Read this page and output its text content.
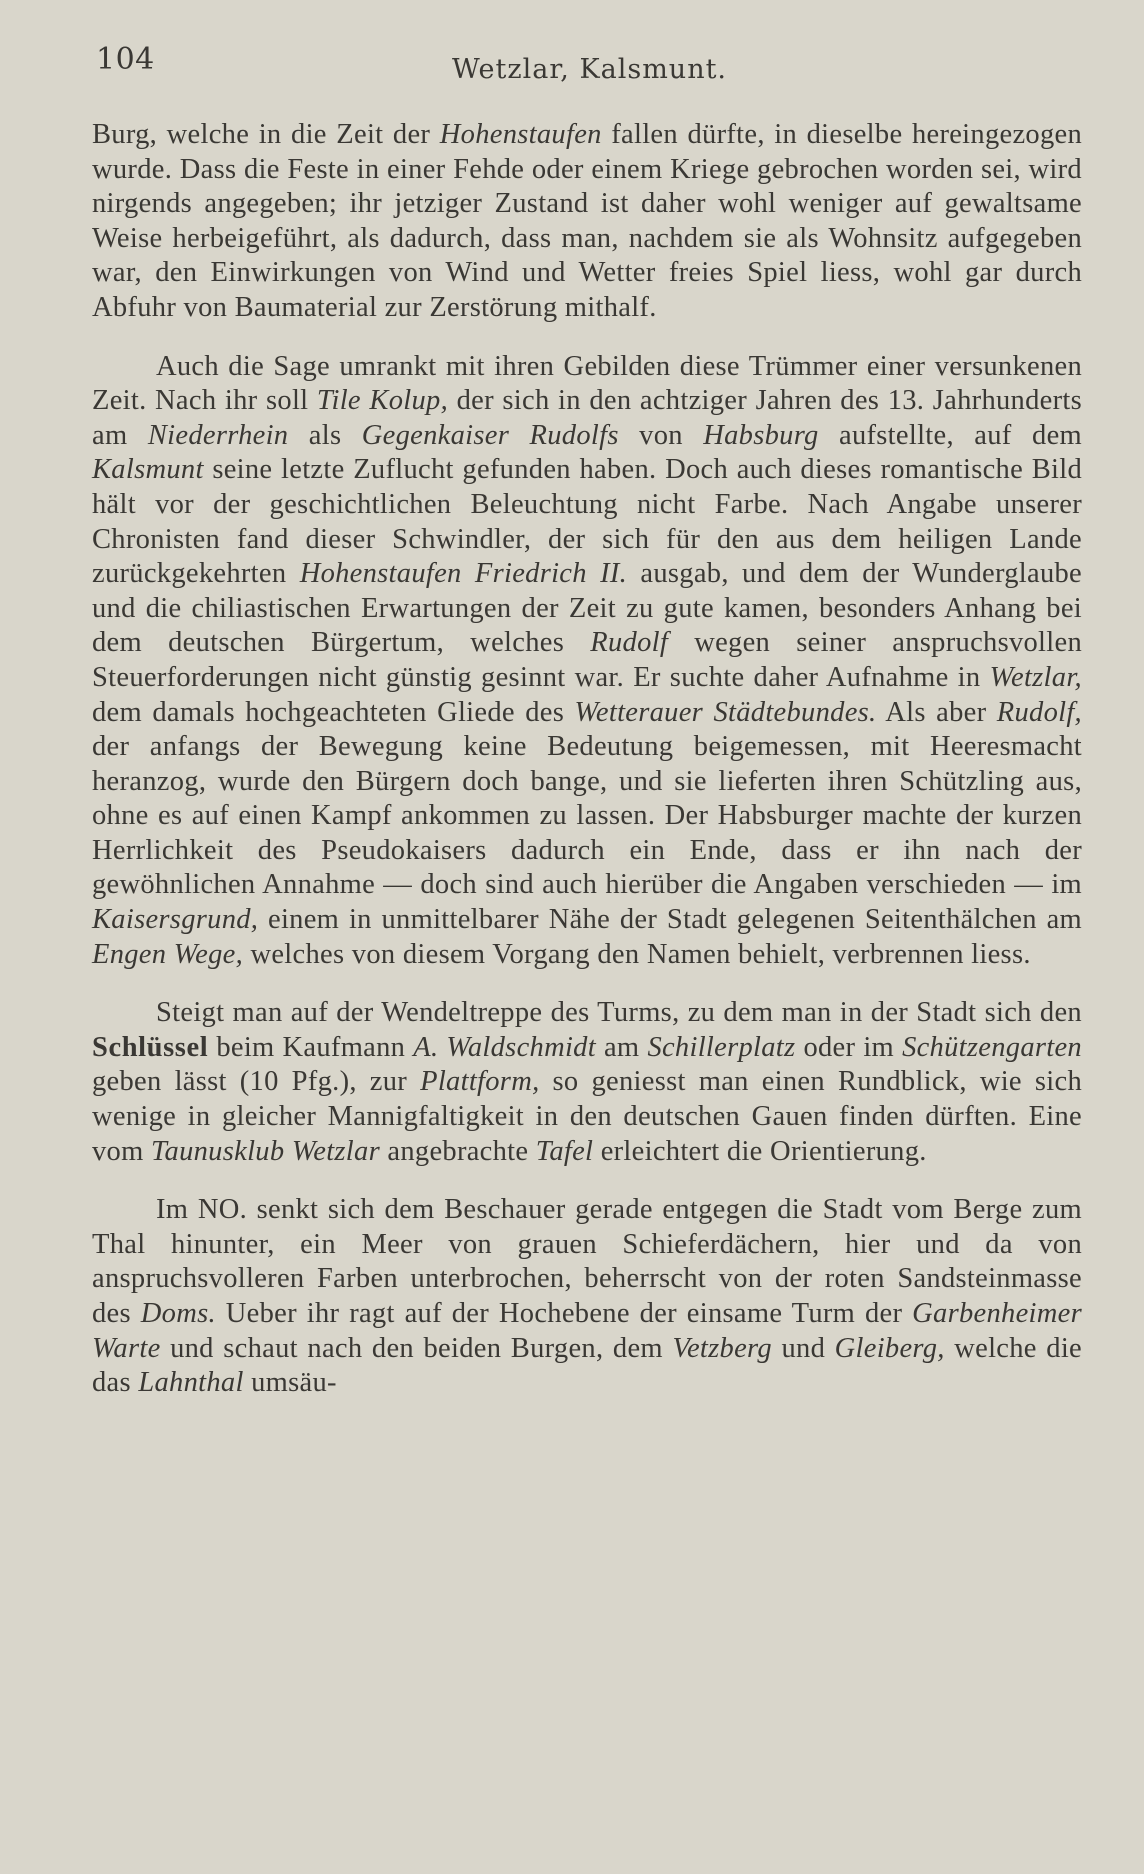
104	Wetzlar, Kalsmunt.

Burg, welche in die Zeit der Hohenstaufen fallen dürfte, in dieselbe hereingezogen wurde. Dass die Feste in einer Fehde oder einem Kriege gebrochen worden sei, wird nirgends angegeben; ihr jetziger Zustand ist daher wohl weniger auf gewaltsame Weise herbeigeführt, als dadurch, dass man, nachdem sie als Wohnsitz aufgegeben war, den Einwirkungen von Wind und Wetter freies Spiel liess, wohl gar durch Abfuhr von Baumaterial zur Zerstörung mithalf.

Auch die Sage umrankt mit ihren Gebilden diese Trümmer einer versunkenen Zeit. Nach ihr soll Tile Kolup, der sich in den achtziger Jahren des 13. Jahrhunderts am Niederrhein als Gegenkaiser Rudolfs von Habsburg aufstellte, auf dem Kalsmunt seine letzte Zuflucht gefunden haben. Doch auch dieses romantische Bild hält vor der geschichtlichen Beleuchtung nicht Farbe. Nach Angabe unserer Chronisten fand dieser Schwindler, der sich für den aus dem heiligen Lande zurückgekehrten Hohenstaufen Friedrich II. ausgab, und dem der Wunderglaube und die chiliastischen Erwartungen der Zeit zu gute kamen, besonders Anhang bei dem deutschen Bürgertum, welches Rudolf wegen seiner anspruchsvollen Steuerforderungen nicht günstig gesinnt war. Er suchte daher Aufnahme in Wetzlar, dem damals hochgeachteten Gliede des Wetterauer Städtebundes. Als aber Rudolf, der anfangs der Bewegung keine Bedeutung beigemessen, mit Heeresmacht heranzog, wurde den Bürgern doch bange, und sie lieferten ihren Schützling aus, ohne es auf einen Kampf ankommen zu lassen. Der Habsburger machte der kurzen Herrlichkeit des Pseudokaisers dadurch ein Ende, dass er ihn nach der gewöhnlichen Annahme — doch sind auch hierüber die Angaben verschieden — im Kaisersgrund, einem in unmittelbarer Nähe der Stadt gelegenen Seitenthälchen am Engen Wege, welches von diesem Vorgang den Namen behielt, verbrennen liess.

Steigt man auf der Wendeltreppe des Turms, zu dem man in der Stadt sich den Schlüssel beim Kaufmann A. Waldschmidt am Schillerplatz oder im Schützengarten geben lässt (10 Pfg.), zur Plattform, so geniesst man einen Rundblick, wie sich wenige in gleicher Mannigfaltigkeit in den deutschen Gauen finden dürften. Eine vom Taunusklub Wetzlar angebrachte Tafel erleichtert die Orientierung.

Im NO. senkt sich dem Beschauer gerade entgegen die Stadt vom Berge zum Thal hinunter, ein Meer von grauen Schieferdächern, hier und da von anspruchsvolleren Farben unterbrochen, beherrscht von der roten Sandsteinmasse des Doms. Ueber ihr ragt auf der Hochebene der einsame Turm der Garbenheimer Warte und schaut nach den beiden Burgen, dem Vetzberg und Gleiberg, welche die das Lahnthal umsäu-
